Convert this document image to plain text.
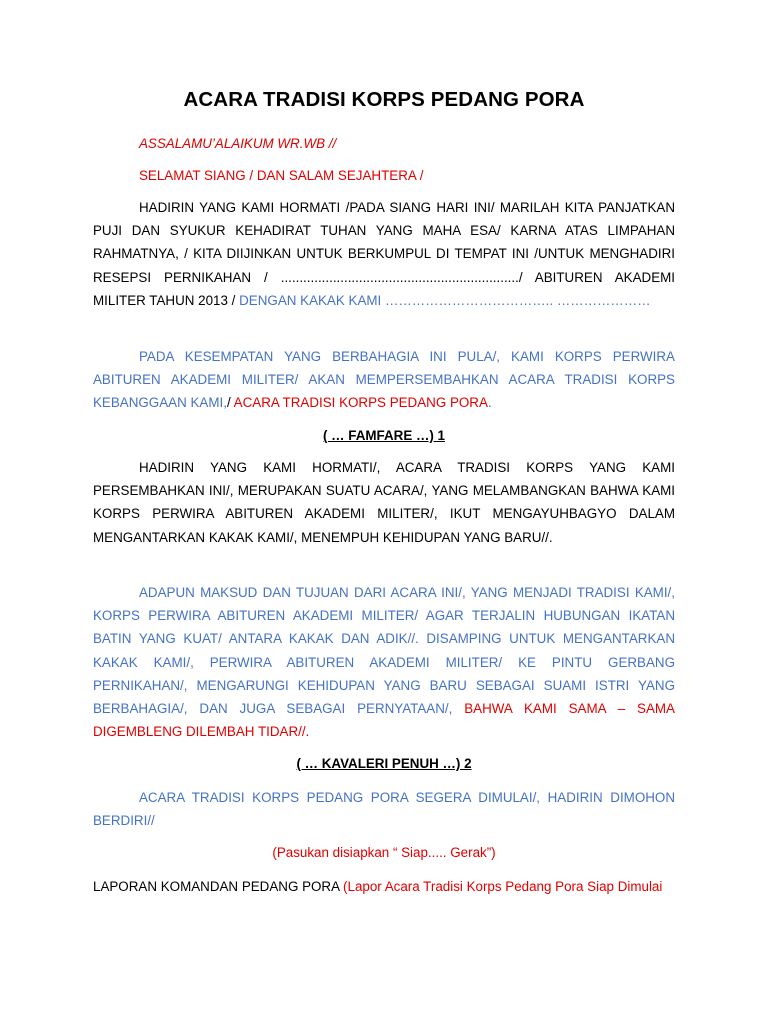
ACARA TRADISI KORPS PEDANG PORA

ASSALAMU’ALAIKUM WR.WB //

SELAMAT SIANG / DAN SALAM SEJAHTERA /

HADIRIN YANG KAMI HORMATI /PADA SIANG HARI INI/ MARILAH KITA PANJATKAN PUJI DAN SYUKUR KEHADIRAT TUHAN YANG MAHA ESA/ KARNA ATAS LIMPAHAN RAHMATNYA, / KITA DIIJINKAN UNTUK BERKUMPUL DI TEMPAT INI /UNTUK MENGHADIRI RESEPSI PERNIKAHAN / ................................................................/ ABITUREN AKADEMI MILITER TAHUN 2013 / DENGAN KAKAK KAMI ……………………………….. …………………

PADA KESEMPATAN YANG BERBAHAGIA INI PULA/, KAMI KORPS PERWIRA ABITUREN AKADEMI MILITER/ AKAN MEMPERSEMBAHKAN ACARA TRADISI KORPS KEBANGGAAN KAMI,/ ACARA TRADISI KORPS PEDANG PORA.

( … FAMFARE …) 1

HADIRIN YANG KAMI HORMATI/, ACARA TRADISI KORPS YANG KAMI PERSEMBAHKAN INI/, MERUPAKAN SUATU ACARA/, YANG MELAMBANGKAN BAHWA KAMI KORPS PERWIRA ABITUREN AKADEMI MILITER/, IKUT MENGAYUHBAGYO DALAM MENGANTARKAN KAKAK KAMI/, MENEMPUH KEHIDUPAN YANG BARU//.

ADAPUN MAKSUD DAN TUJUAN DARI ACARA INI/, YANG MENJADI TRADISI KAMI/, KORPS PERWIRA ABITUREN AKADEMI MILITER/ AGAR TERJALIN HUBUNGAN IKATAN BATIN YANG KUAT/ ANTARA KAKAK DAN ADIK//. DISAMPING UNTUK MENGANTARKAN KAKAK KAMI/, PERWIRA ABITUREN AKADEMI MILITER/ KE PINTU GERBANG PERNIKAHAN/, MENGARUNGI KEHIDUPAN YANG BARU SEBAGAI SUAMI ISTRI YANG BERBAHAGIA/, DAN JUGA SEBAGAI PERNYATAAN/, BAHWA KAMI SAMA – SAMA DIGEMBLENG DILEMBAH TIDAR//.

( … KAVALERI PENUH …) 2

ACARA TRADISI KORPS PEDANG PORA SEGERA DIMULAI/, HADIRIN DIMOHON BERDIRI//

(Pasukan disiapkan “ Siap..... Gerak”)

LAPORAN KOMANDAN PEDANG PORA (Lapor Acara Tradisi Korps Pedang Pora Siap Dimulai
